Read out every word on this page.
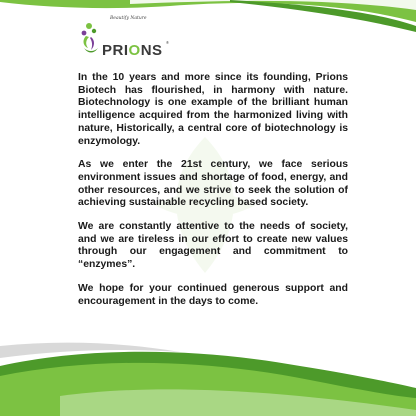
Beautify Nature
PRIONS ®

In the 10 years and more since its founding, Prions Biotech has flourished, in harmony with nature. Biotechnology is one example of the brilliant human intelligence acquired from the harmonized living with nature, Historically, a central core of biotechnology is enzymology.

As we enter the 21st century, we face serious environment issues and shortage of food, energy, and other resources, and we strive to seek the solution of achieving sustainable recycling based society.

We are constantly attentive to the needs of society, and we are tireless in our effort to create new values through our engagement and commitment to “enzymes”.

We hope for your continued generous support and encouragement in the days to come.
